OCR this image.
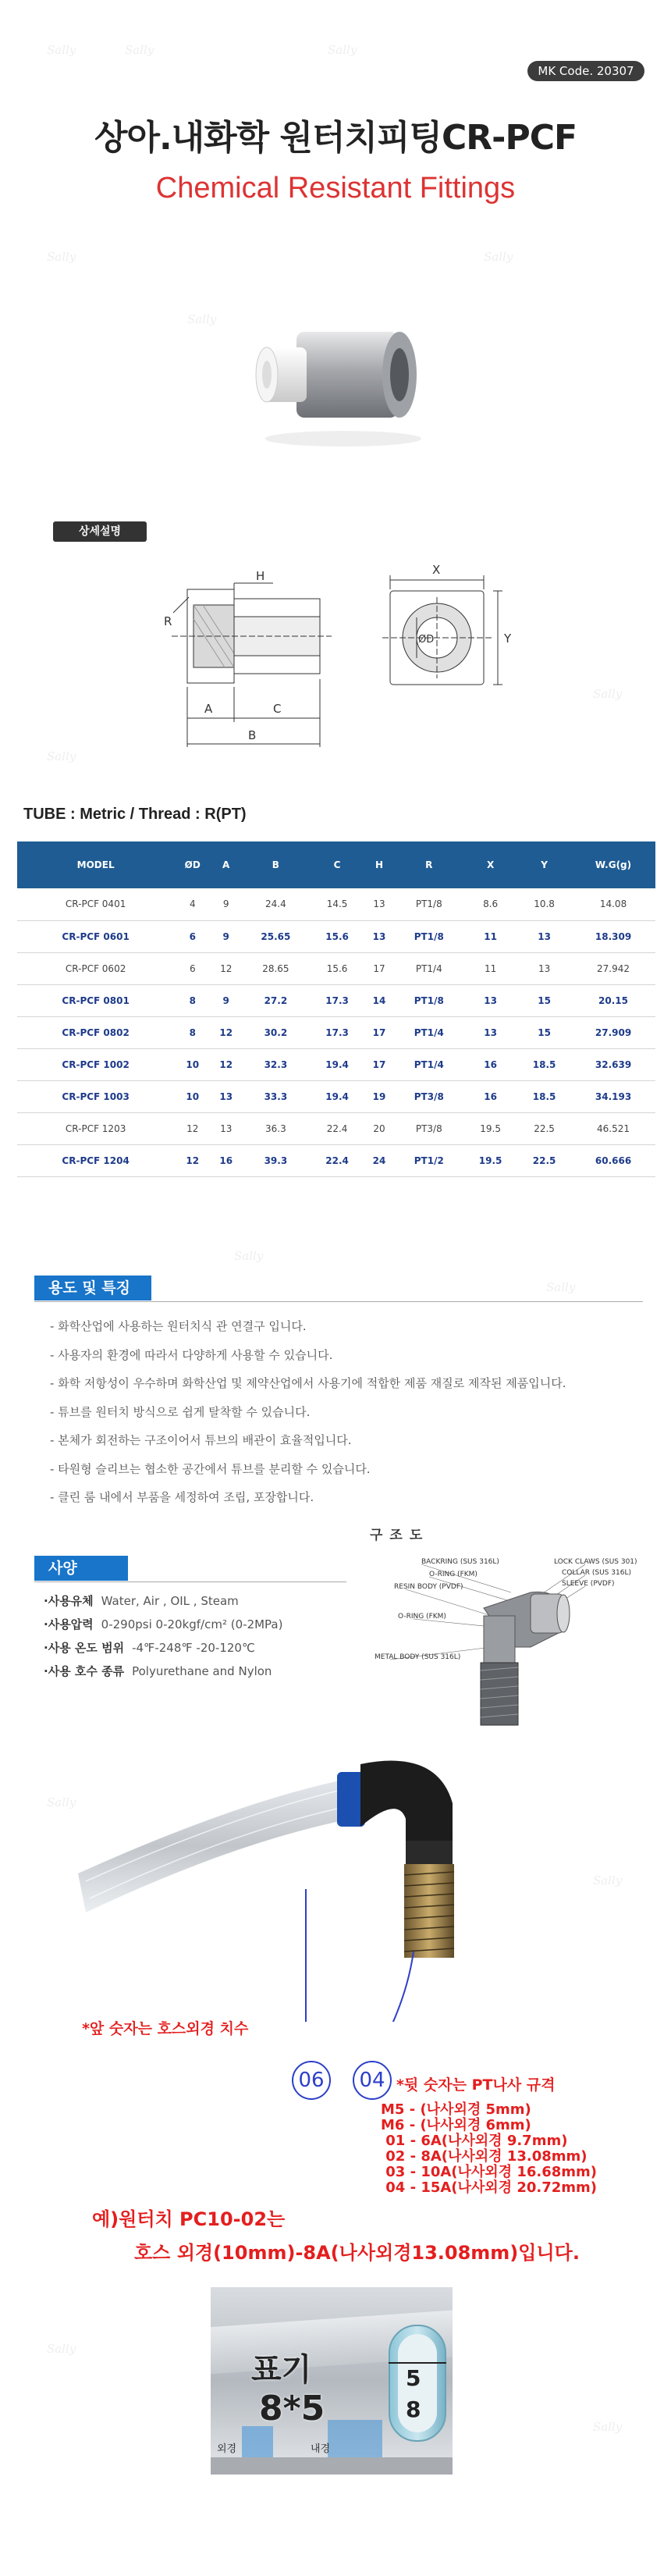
Sally	Sally	Sally
Sally
Sally
Sally
Sally
Sally
Sally
Sally
Sally
Sally
Sally
Sally
MK Code. 20307
상아.내화학 원터치피팅CR-PCF
Chemical Resistant Fittings
상세설명
H
R
A	C
B
X
Y
ØD
TUBE : Metric / Thread : R(PT)
MODEL	ØD	A	B	C	H	R	X	Y	W.G(g)
CR-PCF 0401	4	9	24.4	14.5	13	PT1/8	8.6	10.8	14.08
CR-PCF 0601	6	9	25.65	15.6	13	PT1/8	11	13	18.309
CR-PCF 0602	6	12	28.65	15.6	17	PT1/4	11	13	27.942
CR-PCF 0801	8	9	27.2	17.3	14	PT1/8	13	15	20.15
CR-PCF 0802	8	12	30.2	17.3	17	PT1/4	13	15	27.909
CR-PCF 1002	10	12	32.3	19.4	17	PT1/4	16	18.5	32.639
CR-PCF 1003	10	13	33.3	19.4	19	PT3/8	16	18.5	34.193
CR-PCF 1203	12	13	36.3	22.4	20	PT3/8	19.5	22.5	46.521
CR-PCF 1204	12	16	39.3	22.4	24	PT1/2	19.5	22.5	60.666
용도 및 특징
- 화학산업에 사용하는 원터치식 관 연결구 입니다.
- 사용자의 환경에 따라서 다양하게 사용할 수 있습니다.
- 화학 저항성이 우수하며 화학산업 및 제약산업에서 사용기에 적합한 제품 재질로 제작된 제품입니다.
- 튜브를 원터치 방식으로 쉽게 탈착할 수 있습니다.
- 본체가 회전하는 구조이어서 튜브의 배관이 효율적입니다.
- 타원형 슬리브는 협소한 공간에서 튜브를 분리할 수 있습니다.
- 클린 룸 내에서 부품을 세정하여 조립, 포장합니다.
사양
·사용유체 Water, Air , OIL , Steam
·사용압력 0-290psi 0-20kgf/cm² (0-2MPa)
·사용 온도 범위 -4℉-248℉ -20-120℃
·사용 호수 종류 Polyurethane and Nylon
구조도
BACKRING (SUS 316L)
O-RING (FKM)
RESIN BODY (PVDF)
LOCK CLAWS (SUS 301)
COLLAR (SUS 316L)
SLEEVE (PVDF)
O-RING (FKM)
METAL BODY (SUS 316L)
*앞 숫자는 호스외경 치수
06	04 *뒷 숫자는 PT나사 규격
M5 - (나사외경 5mm)
M6 - (나사외경 6mm)
01 - 6A(나사외경 9.7mm)
02 - 8A(나사외경 13.08mm)
03 - 10A(나사외경 16.68mm)
04 - 15A(나사외경 20.72mm)
예)원터치 PC10-02는
호스 외경(10mm)-8A(나사외경13.08mm)입니다.
표기
8*5
외경	내경
5
8
